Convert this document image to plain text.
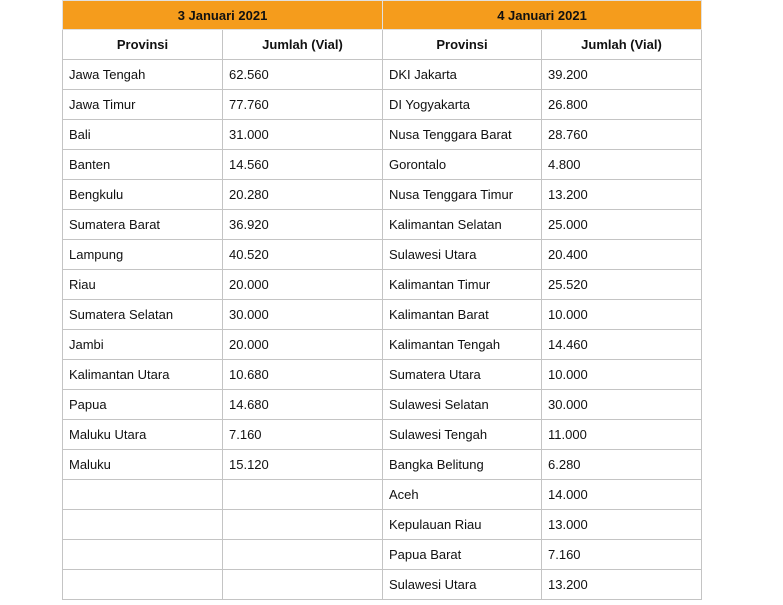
3 Januari 2021		4 Januari 2021	
Provinsi	Jumlah (Vial)	Provinsi	Jumlah (Vial)
Jawa Tengah	62.560	DKI Jakarta	39.200
Jawa Timur	77.760	DI Yogyakarta	26.800
Bali	31.000	Nusa Tenggara Barat	28.760
Banten	14.560	Gorontalo	4.800
Bengkulu	20.280	Nusa Tenggara Timur	13.200
Sumatera Barat	36.920	Kalimantan Selatan	25.000
Lampung	40.520	Sulawesi Utara	20.400
Riau	20.000	Kalimantan Timur	25.520
Sumatera Selatan	30.000	Kalimantan Barat	10.000
Jambi	20.000	Kalimantan Tengah	14.460
Kalimantan Utara	10.680	Sumatera Utara	10.000
Papua	14.680	Sulawesi Selatan	30.000
Maluku Utara	7.160	Sulawesi Tengah	11.000
Maluku	15.120	Bangka Belitung	6.280
		Aceh	14.000
		Kepulauan Riau	13.000
		Papua Barat	7.160
		Sulawesi Utara	13.200
